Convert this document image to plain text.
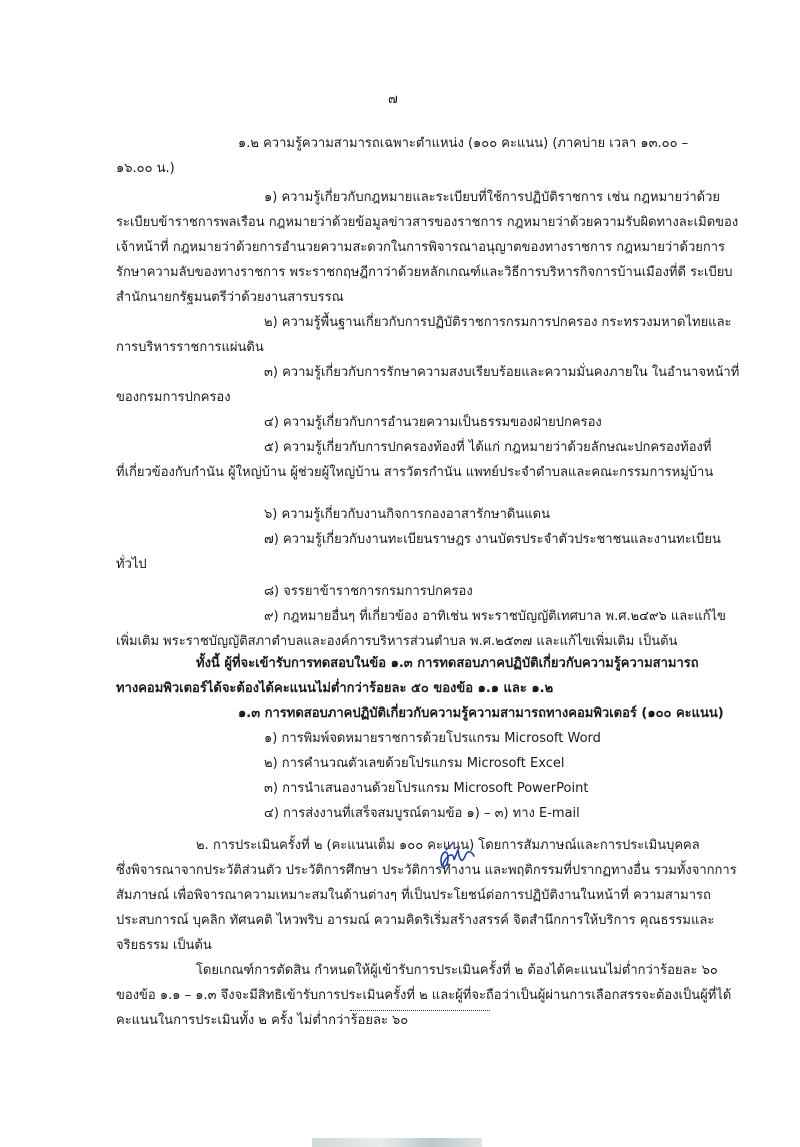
๗
๑.๒ ความรู้ความสามารถเฉพาะตำแหน่ง (๑๐๐ คะแนน) (ภาคบ่าย เวลา ๑๓.๐๐ –
๑๖.๐๐ น.)
๑) ความรู้เกี่ยวกับกฎหมายและระเบียบที่ใช้การปฏิบัติราชการ เช่น กฎหมายว่าด้วย
ระเบียบข้าราชการพลเรือน กฎหมายว่าด้วยข้อมูลข่าวสารของราชการ กฎหมายว่าด้วยความรับผิดทางละเมิดของ
เจ้าหน้าที่ กฎหมายว่าด้วยการอำนวยความสะดวกในการพิจารณาอนุญาตของทางราชการ กฎหมายว่าด้วยการ
รักษาความลับของทางราชการ พระราชกฤษฎีกาว่าด้วยหลักเกณฑ์และวิธีการบริหารกิจการบ้านเมืองที่ดี ระเบียบ
สำนักนายกรัฐมนตรีว่าด้วยงานสารบรรณ
๒) ความรู้พื้นฐานเกี่ยวกับการปฏิบัติราชการกรมการปกครอง กระทรวงมหาดไทยและ
การบริหารราชการแผ่นดิน
๓) ความรู้เกี่ยวกับการรักษาความสงบเรียบร้อยและความมั่นคงภายใน ในอำนาจหน้าที่
ของกรมการปกครอง
๔) ความรู้เกี่ยวกับการอำนวยความเป็นธรรมของฝ่ายปกครอง
๕) ความรู้เกี่ยวกับการปกครองท้องที่ ได้แก่ กฎหมายว่าด้วยลักษณะปกครองท้องที่
ที่เกี่ยวข้องกับกำนัน ผู้ใหญ่บ้าน ผู้ช่วยผู้ใหญ่บ้าน สารวัตรกำนัน แพทย์ประจำตำบลและคณะกรรมการหมู่บ้าน
๖) ความรู้เกี่ยวกับงานกิจการกองอาสารักษาดินแดน
๗) ความรู้เกี่ยวกับงานทะเบียนราษฎร งานบัตรประจำตัวประชาชนและงานทะเบียน
ทั่วไป
๘) จรรยาข้าราชการกรมการปกครอง
๙) กฎหมายอื่นๆ ที่เกี่ยวข้อง อาทิเช่น พระราชบัญญัติเทศบาล พ.ศ.๒๔๙๖ และแก้ไข
เพิ่มเติม พระราชบัญญัติสภาตำบลและองค์การบริหารส่วนตำบล พ.ศ.๒๕๓๗ และแก้ไขเพิ่มเติม เป็นต้น
ทั้งนี้ ผู้ที่จะเข้ารับการทดสอบในข้อ ๑.๓ การทดสอบภาคปฏิบัติเกี่ยวกับความรู้ความสามารถ
ทางคอมพิวเตอร์ได้จะต้องได้คะแนนไม่ต่ำกว่าร้อยละ ๕๐ ของข้อ ๑.๑ และ ๑.๒
๑.๓ การทดสอบภาคปฏิบัติเกี่ยวกับความรู้ความสามารถทางคอมพิวเตอร์ (๑๐๐ คะแนน)
๑) การพิมพ์จดหมายราชการด้วยโปรแกรม Microsoft Word
๒) การคำนวณตัวเลขด้วยโปรแกรม Microsoft Excel
๓) การนำเสนองานด้วยโปรแกรม Microsoft PowerPoint
๔) การส่งงานที่เสร็จสมบูรณ์ตามข้อ ๑) – ๓) ทาง E-mail
๒. การประเมินครั้งที่ ๒ (คะแนนเต็ม ๑๐๐ คะแนน) โดยการสัมภาษณ์และการประเมินบุคคล
ซึ่งพิจารณาจากประวัติส่วนตัว ประวัติการศึกษา ประวัติการทำงาน และพฤติกรรมที่ปรากฏทางอื่น รวมทั้งจากการ
สัมภาษณ์ เพื่อพิจารณาความเหมาะสมในด้านต่างๆ ที่เป็นประโยชน์ต่อการปฏิบัติงานในหน้าที่ ความสามารถ
ประสบการณ์ บุคลิก ทัศนคติ ไหวพริบ อารมณ์ ความคิดริเริ่มสร้างสรรค์ จิตสำนึกการให้บริการ คุณธรรมและ
จริยธรรม เป็นต้น
โดยเกณฑ์การตัดสิน กำหนดให้ผู้เข้ารับการประเมินครั้งที่ ๒ ต้องได้คะแนนไม่ต่ำกว่าร้อยละ ๖๐
ของข้อ ๑.๑ – ๑.๓ จึงจะมีสิทธิเข้ารับการประเมินครั้งที่ ๒ และผู้ที่จะถือว่าเป็นผู้ผ่านการเลือกสรรจะต้องเป็นผู้ที่ได้
คะแนนในการประเมินทั้ง ๒ ครั้ง ไม่ต่ำกว่าร้อยละ ๖๐
